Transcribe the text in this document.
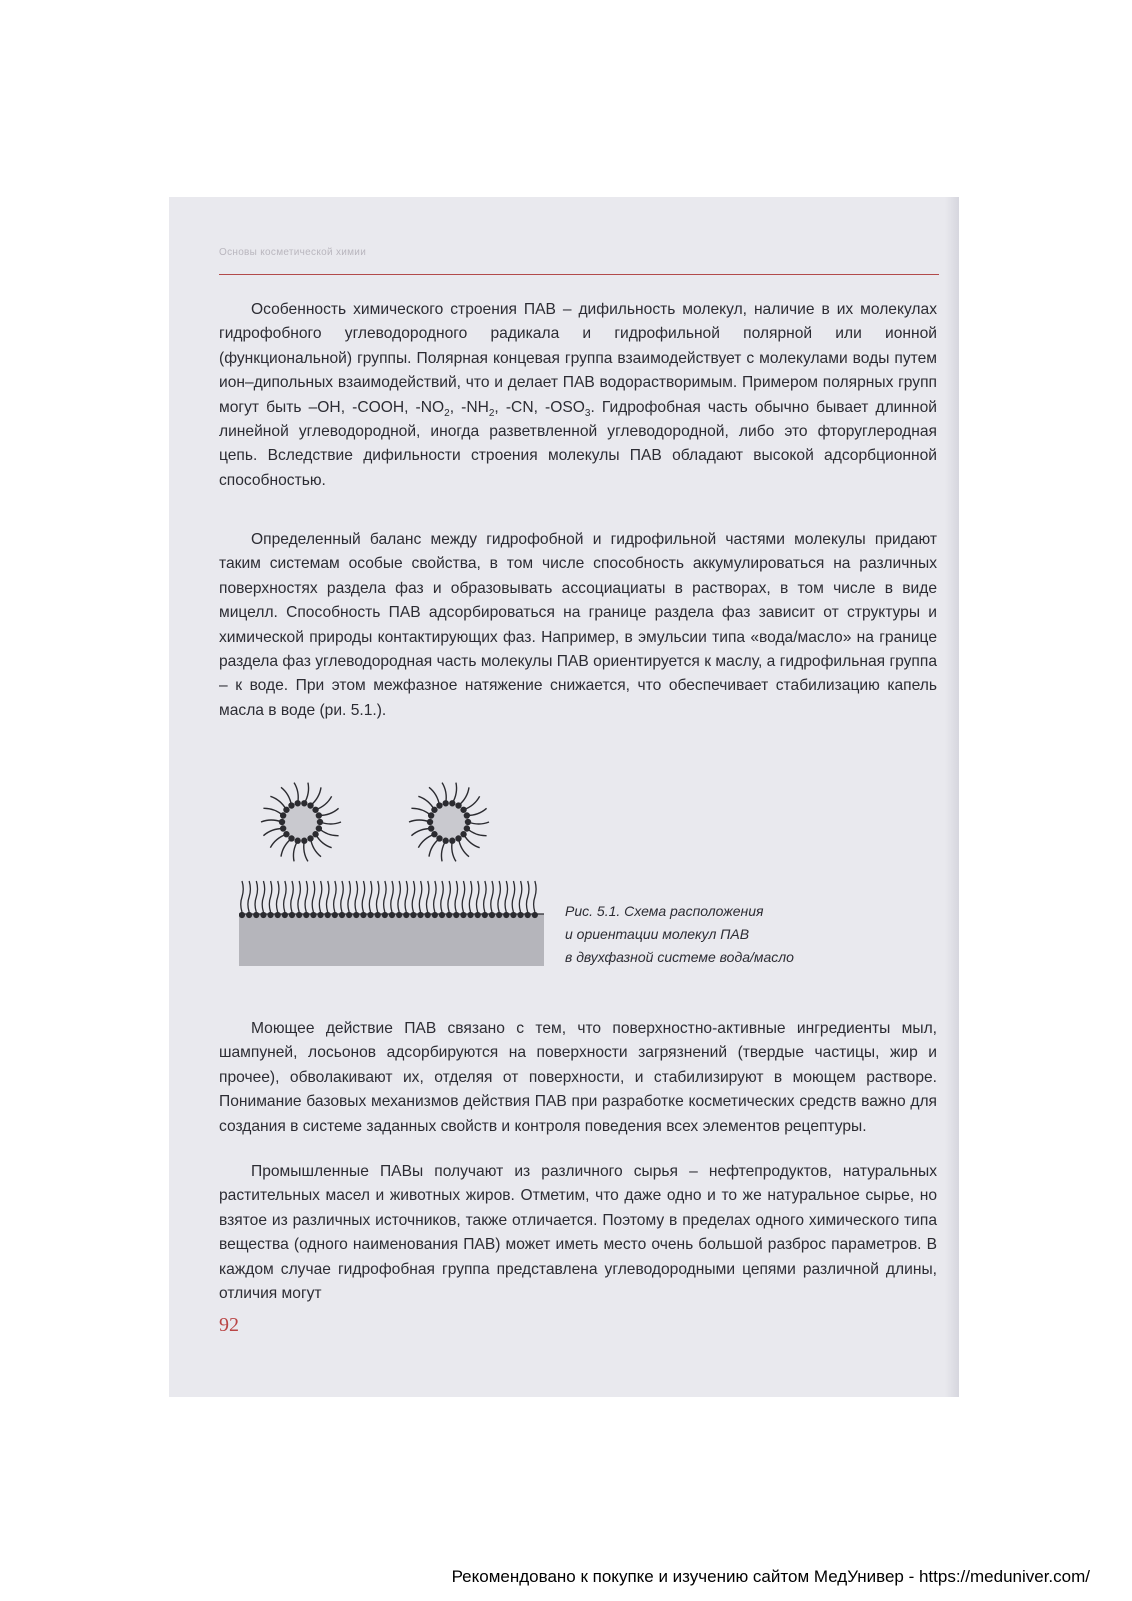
Основы косметической химии

Особенность химического строения ПАВ – дифильность молекул, наличие в их молекулах гидрофобного углеводородного радикала и гидрофильной полярной или ионной (функциональной) группы. Полярная концевая группа взаимодействует с молекулами воды путем ион–дипольных взаимодействий, что и делает ПАВ водорастворимым. Примером полярных групп могут быть –OH, -COOH, $-NO_2$, $-NH_2$, -CN, $-OSO_3$. Гидрофобная часть обычно бывает длинной линейной углеводородной, иногда разветвленной углеводородной, либо это фторуглеродная цепь. Вследствие дифильности строения молекулы ПАВ обладают высокой адсорбционной способностью.

Определенный баланс между гидрофобной и гидрофильной частями молекулы придают таким системам особые свойства, в том числе способность аккумулироваться на различных поверхностях раздела фаз и образовывать ассоциациаты в растворах, в том числе в виде мицелл. Способность ПАВ адсорбироваться на границе раздела фаз зависит от структуры и химической природы контактирующих фаз. Например, в эмульсии типа «вода/масло» на границе раздела фаз углеводородная часть молекулы ПАВ ориентируется к маслу, а гидрофильная группа – к воде. При этом межфазное натяжение снижается, что обеспечивает стабилизацию капель масла в воде (ри. 5.1.).

Рис. 5.1. Схема расположения
и ориентации молекул ПАВ
в двухфазной системе вода/масло

Моющее действие ПАВ связано с тем, что поверхностно-активные ингредиенты мыл, шампуней, лосьонов адсорбируются на поверхности загрязнений (твердые частицы, жир и прочее), обволакивают их, отделяя от поверхности, и стабилизируют в моющем растворе. Понимание базовых механизмов действия ПАВ при разработке косметических средств важно для создания в системе заданных свойств и контроля поведения всех элементов рецептуры.

Промышленные ПАВы получают из различного сырья – нефтепродуктов, натуральных растительных масел и животных жиров. Отметим, что даже одно и то же натуральное сырье, но взятое из различных источников, также отличается. Поэтому в пределах одного химического типа вещества (одного наименования ПАВ) может иметь место очень большой разброс параметров. В каждом случае гидрофобная группа представлена углеводородными цепями различной длины, отличия могут

92
Рекомендовано к покупке и изучению сайтом МедУнивер - https://meduniver.com/
